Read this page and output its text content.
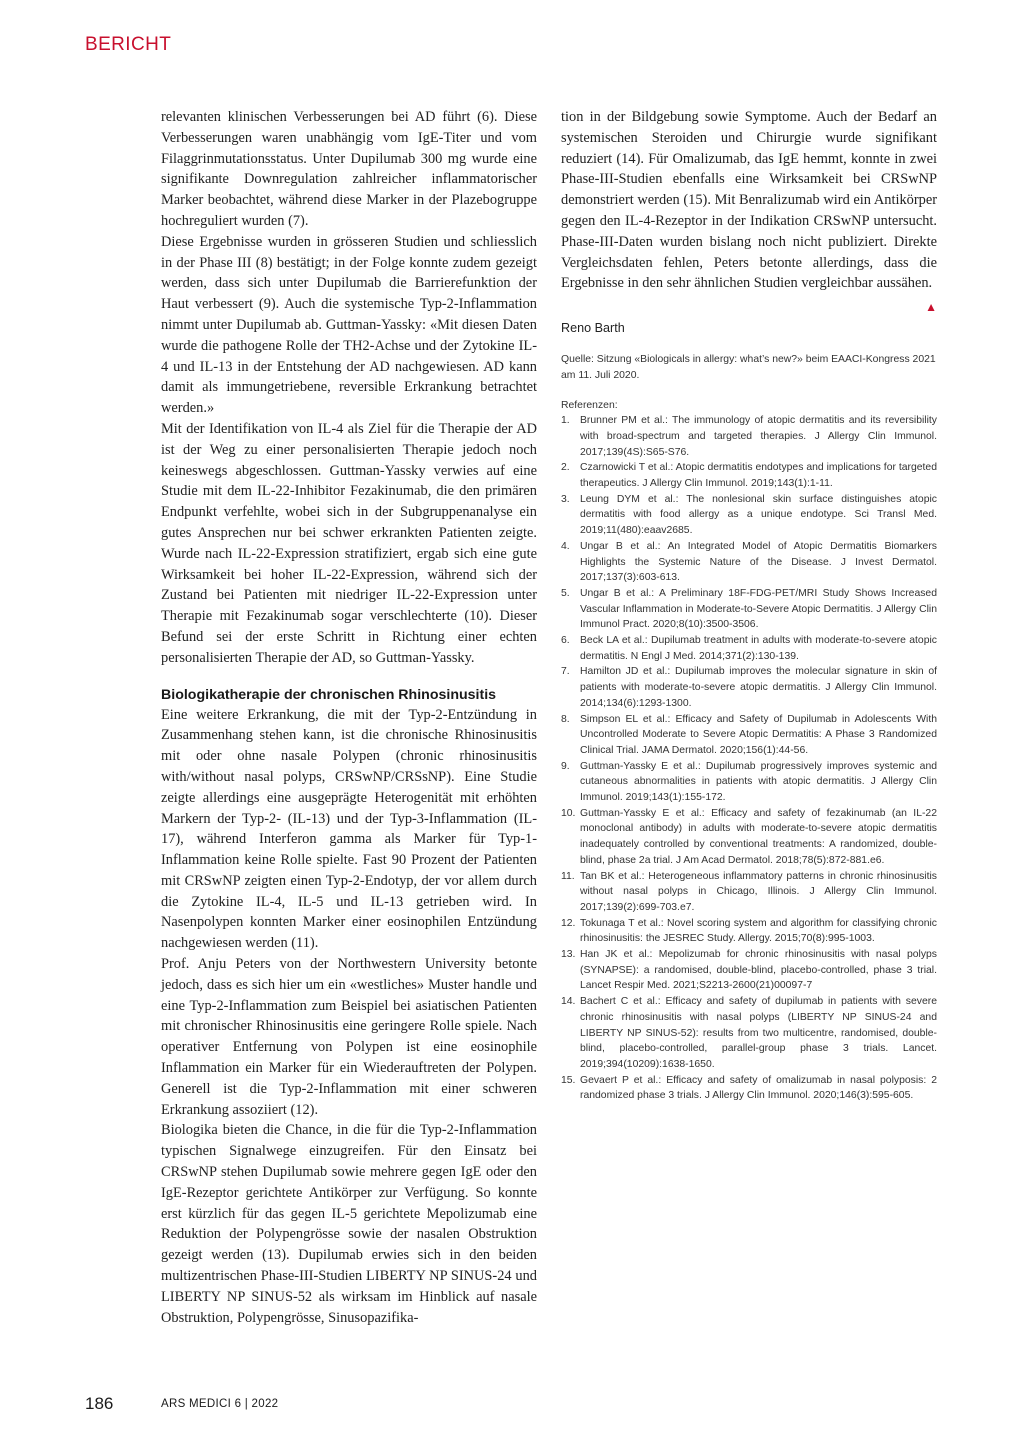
BERICHT

relevanten klinischen Verbesserungen bei AD führt (6). Diese Verbesserungen waren unabhängig vom IgE-Titer und vom Filaggrinmutationsstatus. Unter Dupilumab 300 mg wurde eine signifikante Downregulation zahlreicher inflammatorischer Marker beobachtet, während diese Marker in der Plazebogruppe hochreguliert wurden (7).

Diese Ergebnisse wurden in grösseren Studien und schliesslich in der Phase III (8) bestätigt; in der Folge konnte zudem gezeigt werden, dass sich unter Dupilumab die Barrierefunktion der Haut verbessert (9). Auch die systemische Typ-2-Inflammation nimmt unter Dupilumab ab. Guttman-Yassky: «Mit diesen Daten wurde die pathogene Rolle der TH2-Achse und der Zytokine IL-4 und IL-13 in der Entstehung der AD nachgewiesen. AD kann damit als immungetriebene, reversible Erkrankung betrachtet werden.»

Mit der Identifikation von IL-4 als Ziel für die Therapie der AD ist der Weg zu einer personalisierten Therapie jedoch noch keineswegs abgeschlossen. Guttman-Yassky verwies auf eine Studie mit dem IL-22-Inhibitor Fezakinumab, die den primären Endpunkt verfehlte, wobei sich in der Subgruppenanalyse ein gutes Ansprechen nur bei schwer erkrankten Patienten zeigte. Wurde nach IL-22-Expression stratifiziert, ergab sich eine gute Wirksamkeit bei hoher IL-22-Expression, während sich der Zustand bei Patienten mit niedriger IL-22-Expression unter Therapie mit Fezakinumab sogar verschlechterte (10). Dieser Befund sei der erste Schritt in Richtung einer echten personalisierten Therapie der AD, so Guttman-Yassky.

Biologikatherapie der chronischen Rhinosinusitis

Eine weitere Erkrankung, die mit der Typ-2-Entzündung in Zusammenhang stehen kann, ist die chronische Rhinosinusitis mit oder ohne nasale Polypen (chronic rhinosinusitis with/without nasal polyps, CRSwNP/CRSsNP). Eine Studie zeigte allerdings eine ausgeprägte Heterogenität mit erhöhten Markern der Typ-2- (IL-13) und der Typ-3-Inflammation (IL-17), während Interferon gamma als Marker für Typ-1-Inflammation keine Rolle spielte. Fast 90 Prozent der Patienten mit CRSwNP zeigten einen Typ-2-Endotyp, der vor allem durch die Zytokine IL-4, IL-5 und IL-13 getrieben wird. In Nasenpolypen konnten Marker einer eosinophilen Entzündung nachgewiesen werden (11).

Prof. Anju Peters von der Northwestern University betonte jedoch, dass es sich hier um ein «westliches» Muster handle und eine Typ-2-Inflammation zum Beispiel bei asiatischen Patienten mit chronischer Rhinosinusitis eine geringere Rolle spiele. Nach operativer Entfernung von Polypen ist eine eosinophile Inflammation ein Marker für ein Wiederauftreten der Polypen. Generell ist die Typ-2-Inflammation mit einer schweren Erkrankung assoziiert (12).

Biologika bieten die Chance, in die für die Typ-2-Inflammation typischen Signalwege einzugreifen. Für den Einsatz bei CRSwNP stehen Dupilumab sowie mehrere gegen IgE oder den IgE-Rezeptor gerichtete Antikörper zur Verfügung. So konnte erst kürzlich für das gegen IL-5 gerichtete Mepolizumab eine Reduktion der Polypengrösse sowie der nasalen Obstruktion gezeigt werden (13). Dupilumab erwies sich in den beiden multizentrischen Phase-III-Studien LIBERTY NP SINUS-24 und LIBERTY NP SINUS-52 als wirksam im Hinblick auf nasale Obstruktion, Polypengrösse, Sinusopazifika-

tion in der Bildgebung sowie Symptome. Auch der Bedarf an systemischen Steroiden und Chirurgie wurde signifikant reduziert (14). Für Omalizumab, das IgE hemmt, konnte in zwei Phase-III-Studien ebenfalls eine Wirksamkeit bei CRSwNP demonstriert werden (15). Mit Benralizumab wird ein Antikörper gegen den IL-4-Rezeptor in der Indikation CRSwNP untersucht. Phase-III-Daten wurden bislang noch nicht publiziert. Direkte Vergleichsdaten fehlen, Peters betonte allerdings, dass die Ergebnisse in den sehr ähnlichen Studien vergleichbar aussähen.
▲

Reno Barth
Quelle: Sitzung «Biologicals in allergy: what’s new?» beim EAACI-Kongress 2021 am 11. Juli 2020.
Referenzen:
1. Brunner PM et al.: The immunology of atopic dermatitis and its reversibility with broad-spectrum and targeted therapies. J Allergy Clin Immunol. 2017;139(4S):S65-S76.
2. Czarnowicki T et al.: Atopic dermatitis endotypes and implications for targeted therapeutics. J Allergy Clin Immunol. 2019;143(1):1-11.
3. Leung DYM et al.: The nonlesional skin surface distinguishes atopic dermatitis with food allergy as a unique endotype. Sci Transl Med. 2019;11(480):eaav2685.
4. Ungar B et al.: An Integrated Model of Atopic Dermatitis Biomarkers Highlights the Systemic Nature of the Disease. J Invest Dermatol. 2017;137(3):603-613.
5. Ungar B et al.: A Preliminary 18F-FDG-PET/MRI Study Shows Increased Vascular Inflammation in Moderate-to-Severe Atopic Dermatitis. J Allergy Clin Immunol Pract. 2020;8(10):3500-3506.
6. Beck LA et al.: Dupilumab treatment in adults with moderate-to-severe atopic dermatitis. N Engl J Med. 2014;371(2):130-139.
7. Hamilton JD et al.: Dupilumab improves the molecular signature in skin of patients with moderate-to-severe atopic dermatitis. J Allergy Clin Immunol. 2014;134(6):1293-1300.
8. Simpson EL et al.: Efficacy and Safety of Dupilumab in Adolescents With Uncontrolled Moderate to Severe Atopic Dermatitis: A Phase 3 Randomized Clinical Trial. JAMA Dermatol. 2020;156(1):44-56.
9. Guttman-Yassky E et al.: Dupilumab progressively improves systemic and cutaneous abnormalities in patients with atopic dermatitis. J Allergy Clin Immunol. 2019;143(1):155-172.
10. Guttman-Yassky E et al.: Efficacy and safety of fezakinumab (an IL-22 monoclonal antibody) in adults with moderate-to-severe atopic dermatitis inadequately controlled by conventional treatments: A randomized, double-blind, phase 2a trial. J Am Acad Dermatol. 2018;78(5):872-881.e6.
11. Tan BK et al.: Heterogeneous inflammatory patterns in chronic rhinosinusitis without nasal polyps in Chicago, Illinois. J Allergy Clin Immunol. 2017;139(2):699-703.e7.
12. Tokunaga T et al.: Novel scoring system and algorithm for classifying chronic rhinosinusitis: the JESREC Study. Allergy. 2015;70(8):995-1003.
13. Han JK et al.: Mepolizumab for chronic rhinosinusitis with nasal polyps (SYNAPSE): a randomised, double-blind, placebo-controlled, phase 3 trial. Lancet Respir Med. 2021;S2213-2600(21)00097-7
14. Bachert C et al.: Efficacy and safety of dupilumab in patients with severe chronic rhinosinusitis with nasal polyps (LIBERTY NP SINUS-24 and LIBERTY NP SINUS-52): results from two multicentre, randomised, double-blind, placebo-controlled, parallel-group phase 3 trials. Lancet. 2019;394(10209):1638-1650.
15. Gevaert P et al.: Efficacy and safety of omalizumab in nasal polyposis: 2 randomized phase 3 trials. J Allergy Clin Immunol. 2020;146(3):595-605.
186	ARS MEDICI 6 | 2022
